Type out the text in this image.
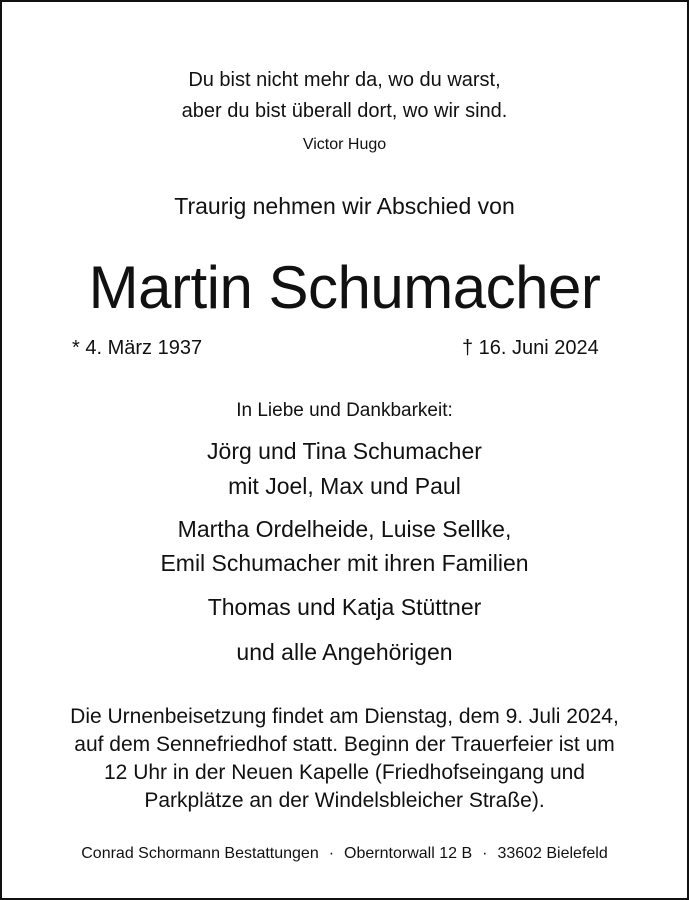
Du bist nicht mehr da, wo du warst,
aber du bist überall dort, wo wir sind.
Victor Hugo
Traurig nehmen wir Abschied von
Martin Schumacher
* 4. März 1937	† 16. Juni 2024
In Liebe und Dankbarkeit:
Jörg und Tina Schumacher
mit Joel, Max und Paul
Martha Ordelheide, Luise Sellke,
Emil Schumacher mit ihren Familien
Thomas und Katja Stüttner
und alle Angehörigen
Die Urnenbeisetzung findet am Dienstag, dem 9. Juli 2024,
auf dem Sennefriedhof statt. Beginn der Trauerfeier ist um
12 Uhr in der Neuen Kapelle (Friedhofseingang und
Parkplätze an der Windelsbleicher Straße).
Conrad Schormann Bestattungen · Oberntorwall 12 B · 33602 Bielefeld
